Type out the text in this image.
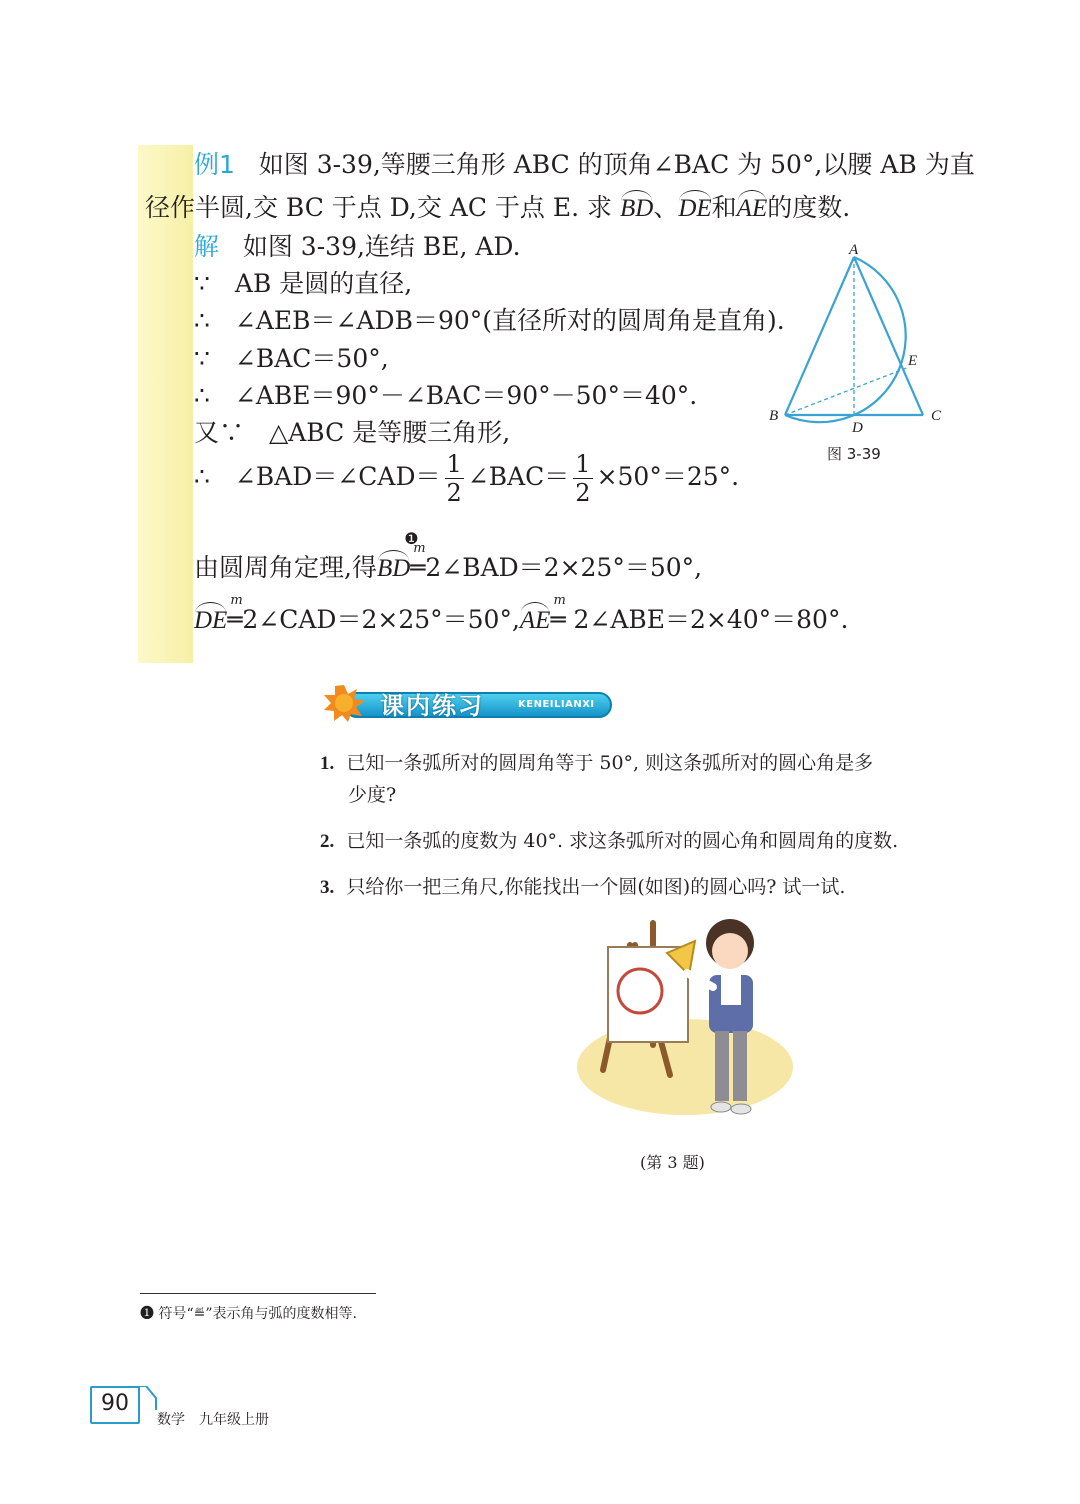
例1 如图 3-39,等腰三角形 ABC 的顶角∠BAC 为 50°,以腰 AB 为直
径作半圆,交 BC 于点 D,交 AC 于点 E. 求 BD、DE和AE的度数.
解 如图 3-39,连结 BE, AD.
∵　AB 是圆的直径,
∴　∠AEB＝∠ADB＝90°(直径所对的圆周角是直角).
∵　∠BAC＝50°,
∴　∠ABE＝90°－∠BAC＝90°－50°＝40°.
又∵　△ABC 是等腰三角形,
∴　∠BAD＝∠CAD＝ $\frac{1}{2}$ ∠BAC＝ $\frac{1}{2} \times 50^\circ=25^\circ$.
由圆周角定理,得BD
m
═
❶
2∠BAD＝2×25°＝50°,
DE
m
═2∠CAD＝2×25°＝50°,AE
m
═ 2∠ABE＝2×40°＝80°.
A
B	C
D
E
图 3-39
课内练习	KENEILIANXI
1. 已知一条弧所对的圆周角等于 50°, 则这条弧所对的圆心角是多
少度?
2. 已知一条弧的度数为 40°. 求这条弧所对的圆心角和圆周角的度数.
3. 只给你一把三角尺,你能找出一个圆(如图)的圆心吗? 试一试.
(第 3 题)
❶ 符号“≝”表示角与弧的度数相等.
90
数学　九年级上册
